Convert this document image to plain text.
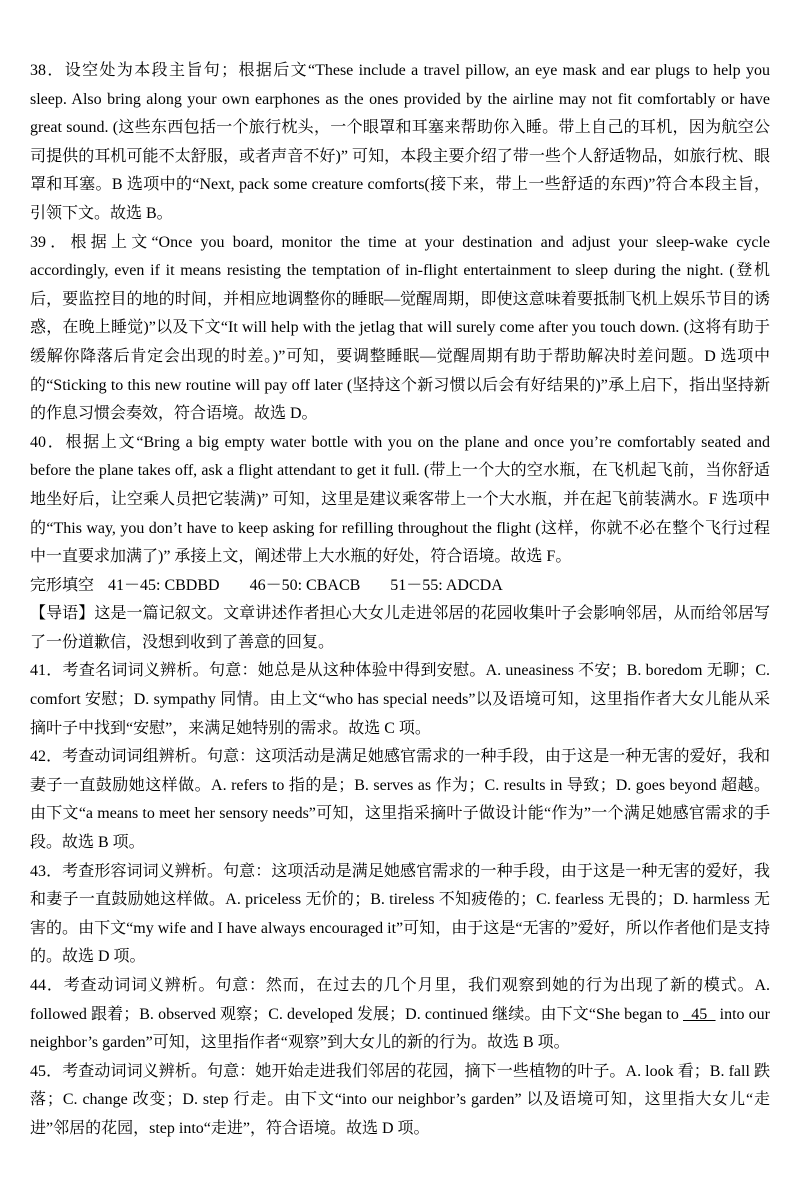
38．设空处为本段主旨句；根据后文“These include a travel pillow, an eye mask and ear plugs to help you sleep. Also bring along your own earphones as the ones provided by the airline may not fit comfortably or have great sound. (这些东西包括一个旅行枕头，一个眼罩和耳塞来帮助你入睡。带上自己的耳机，因为航空公司提供的耳机可能不太舒服，或者声音不好)” 可知，本段主要介绍了带一些个人舒适物品，如旅行枕、眼罩和耳塞。B 选项中的“Next, pack some creature comforts(接下来，带上一些舒适的东西)”符合本段主旨，引领下文。故选 B。

39．根据上文“Once you board, monitor the time at your destination and adjust your sleep-wake cycle accordingly, even if it means resisting the temptation of in-flight entertainment to sleep during the night. (登机后，要监控目的地的时间，并相应地调整你的睡眠—觉醒周期，即使这意味着要抵制飞机上娱乐节目的诱惑，在晚上睡觉)”以及下文“It will help with the jetlag that will surely come after you touch down. (这将有助于缓解你降落后肯定会出现的时差。)”可知，要调整睡眠—觉醒周期有助于帮助解决时差问题。D 选项中的“Sticking to this new routine will pay off later (坚持这个新习惯以后会有好结果的)”承上启下，指出坚持新的作息习惯会奏效，符合语境。故选 D。

40．根据上文“Bring a big empty water bottle with you on the plane and once you’re comfortably seated and before the plane takes off, ask a flight attendant to get it full. (带上一个大的空水瓶，在飞机起飞前，当你舒适地坐好后，让空乘人员把它装满)” 可知，这里是建议乘客带上一个大水瓶，并在起飞前装满水。F 选项中的“This way, you don’t have to keep asking for refilling throughout the flight (这样，你就不必在整个飞行过程中一直要求加满了)” 承接上文，阐述带上大水瓶的好处，符合语境。故选 F。

完形填空 41－45: CBDBD 46－50: CBACB 51－55: ADCDA

【导语】这是一篇记叙文。文章讲述作者担心大女儿走进邻居的花园收集叶子会影响邻居，从而给邻居写了一份道歉信，没想到收到了善意的回复。

41．考查名词词义辨析。句意：她总是从这种体验中得到安慰。A. uneasiness 不安；B. boredom 无聊；C. comfort 安慰；D. sympathy 同情。由上文“who has special needs”以及语境可知，这里指作者大女儿能从采摘叶子中找到“安慰”，来满足她特别的需求。故选 C 项。

42．考查动词词组辨析。句意：这项活动是满足她感官需求的一种手段，由于这是一种无害的爱好，我和妻子一直鼓励她这样做。A. refers to 指的是；B. serves as 作为；C. results in 导致；D. goes beyond 超越。由下文“a means to meet her sensory needs”可知，这里指采摘叶子做设计能“作为”一个满足她感官需求的手段。故选 B 项。

43．考查形容词词义辨析。句意：这项活动是满足她感官需求的一种手段，由于这是一种无害的爱好，我和妻子一直鼓励她这样做。A. priceless 无价的；B. tireless 不知疲倦的；C. fearless 无畏的；D. harmless 无害的。由下文“my wife and I have always encouraged it”可知，由于这是“无害的”爱好，所以作者他们是支持的。故选 D 项。

44．考查动词词义辨析。句意：然而，在过去的几个月里，我们观察到她的行为出现了新的模式。A. followed 跟着；B. observed 观察；C. developed 发展；D. continued 继续。由下文“She began to   45   into our neighbor’s garden”可知，这里指作者“观察”到大女儿的新的行为。故选 B 项。

45．考查动词词义辨析。句意：她开始走进我们邻居的花园，摘下一些植物的叶子。A. look 看；B. fall 跌落；C. change 改变；D. step 行走。由下文“into our neighbor’s garden” 以及语境可知，这里指大女儿“走进”邻居的花园，step into“走进”，符合语境。故选 D 项。
